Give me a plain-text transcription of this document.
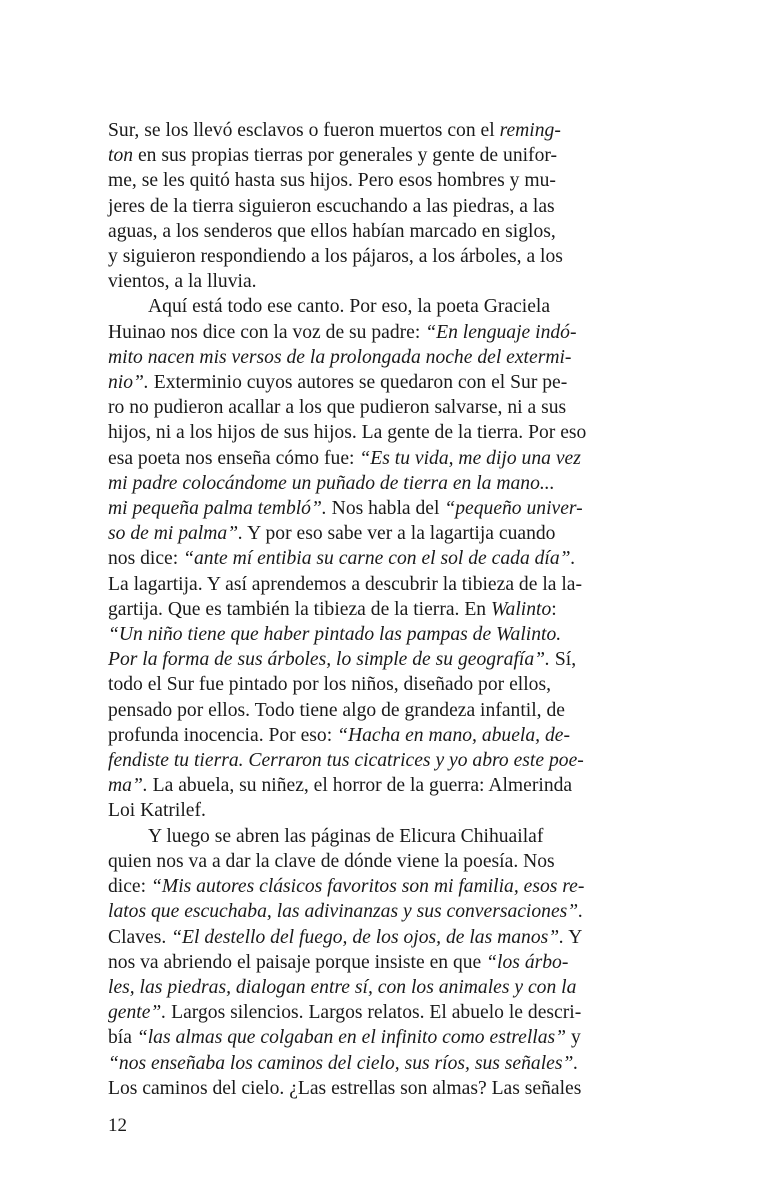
Sur, se los llevó esclavos o fueron muertos con el reming-
ton en sus propias tierras por generales y gente de unifor-
me, se les quitó hasta sus hijos. Pero esos hombres y mu-
jeres de la tierra siguieron escuchando a las piedras, a las
aguas, a los senderos que ellos habían marcado en siglos,
y siguieron respondiendo a los pájaros, a los árboles, a los
vientos, a la lluvia.

Aquí está todo ese canto. Por eso, la poeta Graciela
Huinao nos dice con la voz de su padre: “En lenguaje indó-
mito nacen mis versos de la prolongada noche del extermi-
nio”. Exterminio cuyos autores se quedaron con el Sur pe-
ro no pudieron acallar a los que pudieron salvarse, ni a sus
hijos, ni a los hijos de sus hijos. La gente de la tierra. Por eso
esa poeta nos enseña cómo fue: “Es tu vida, me dijo una vez
mi padre colocándome un puñado de tierra en la mano...
mi pequeña palma tembló”. Nos habla del “pequeño univer-
so de mi palma”. Y por eso sabe ver a la lagartija cuando
nos dice: “ante mí entibia su carne con el sol de cada día”.
La lagartija. Y así aprendemos a descubrir la tibieza de la la-
gartija. Que es también la tibieza de la tierra. En Walinto:
“Un niño tiene que haber pintado las pampas de Walinto.
Por la forma de sus árboles, lo simple de su geografía”. Sí,
todo el Sur fue pintado por los niños, diseñado por ellos,
pensado por ellos. Todo tiene algo de grandeza infantil, de
profunda inocencia. Por eso: “Hacha en mano, abuela, de-
fendiste tu tierra. Cerraron tus cicatrices y yo abro este poe-
ma”. La abuela, su niñez, el horror de la guerra: Almerinda
Loi Katrilef.

Y luego se abren las páginas de Elicura Chihuailaf
quien nos va a dar la clave de dónde viene la poesía. Nos
dice: “Mis autores clásicos favoritos son mi familia, esos re-
latos que escuchaba, las adivinanzas y sus conversaciones”.
Claves. “El destello del fuego, de los ojos, de las manos”. Y
nos va abriendo el paisaje porque insiste en que “los árbo-
les, las piedras, dialogan entre sí, con los animales y con la
gente”. Largos silencios. Largos relatos. El abuelo le descri-
bía “las almas que colgaban en el infinito como estrellas” y
“nos enseñaba los caminos del cielo, sus ríos, sus señales”.
Los caminos del cielo. ¿Las estrellas son almas? Las señales

12
